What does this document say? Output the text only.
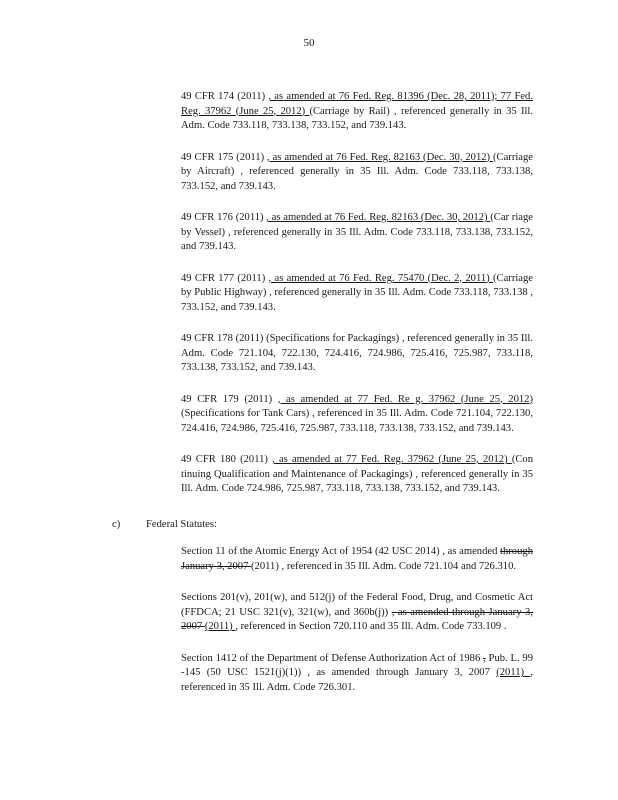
50

49 CFR 174 (2011) , as amended at 76 Fed. Reg. 81396 (Dec. 28, 2011); 77 Fed. Reg. 37962 (June 25, 2012) (Carriage by Rail) , referenced generally in 35 Ill. Adm. Code 733.118, 733.138, 733.152, and 739.143.

49 CFR 175 (2011) , as amended at 76 Fed. Reg. 82163 (Dec. 30, 2012) (Carriage by Aircraft) , referenced generally in 35 Ill. Adm. Code 733.118, 733.138, 733.152, and 739.143.

49 CFR 176 (2011) , as amended at 76 Fed. Reg. 82163 (Dec. 30, 2012) (Car riage by Vessel) , referenced generally in 35 Ill. Adm. Code 733.118, 733.138, 733.152, and 739.143.

49 CFR 177 (2011) , as amended at 76 Fed. Reg. 75470 (Dec. 2, 2011) (Carriage by Public Highway) , referenced generally in 35 Ill. Adm. Code 733.118, 733.138 , 733.152, and 739.143.

49 CFR 178 (2011) (Specifications for Packagings) , referenced generally in 35 Ill. Adm. Code 721.104, 722.130, 724.416, 724.986, 725.416, 725.987, 733.118, 733.138, 733.152, and 739.143.

49 CFR 179 (2011) , as amended at 77 Fed. Re g. 37962 (June 25, 2012) (Specifications for Tank Cars) , referenced in 35 Ill. Adm. Code 721.104, 722.130, 724.416, 724.986, 725.416, 725.987, 733.118, 733.138, 733.152, and 739.143.

49 CFR 180 (2011) , as amended at 77 Fed. Reg. 37962 (June 25, 2012) (Con tinuing Qualification and Maintenance of Packagings) , referenced generally in 35 Ill. Adm. Code 724.986, 725.987, 733.118, 733.138, 733.152, and 739.143.

c) Federal Statutes:

Section 11 of the Atomic Energy Act of 1954 (42 USC 2014) , as amended through January 3, 2007 (2011) , referenced in 35 Ill. Adm. Code 721.104 and 726.310.

Sections 201(v), 201(w), and 512(j) of the Federal Food, Drug, and Cosmetic Act (FFDCA; 21 USC 321(v), 321(w), and 360b(j)) , as amended through January 3, 2007 (2011) , referenced in Section 720.110 and 35 Ill. Adm. Code 733.109 .

Section 1412 of the Department of Defense Authorization Act of 1986 , Pub. L. 99 -145 (50 USC 1521(j)(1)) , as amended through January 3, 2007 (2011) , referenced in 35 Ill. Adm. Code 726.301.
